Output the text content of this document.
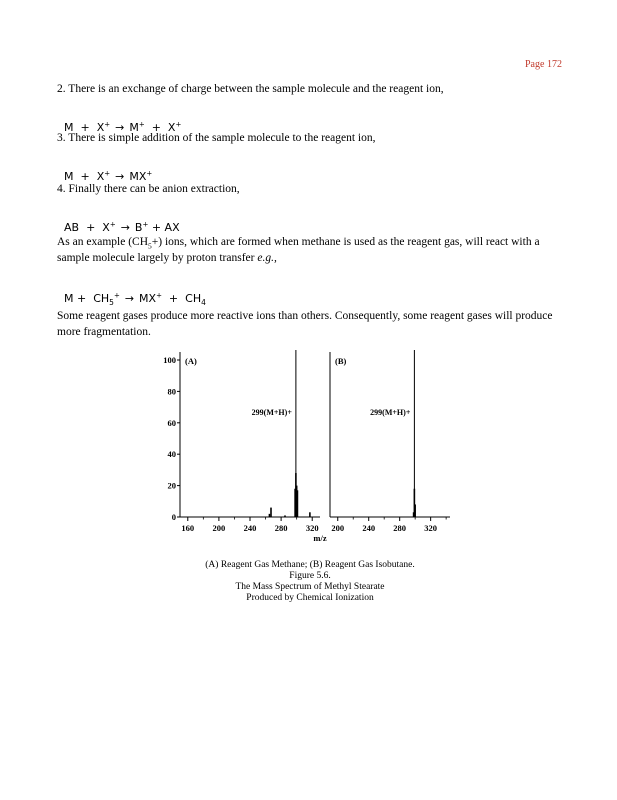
Page 172

2. There is an exchange of charge between the sample molecule and the reagent ion,

M  +  X+ → M+  +  X+

3. There is simple addition of the sample molecule to the reagent ion,

M  +  X+ → MX+

4. Finally there can be anion extraction,

AB  +  X+ → B+ + AX

As an example $(CH_5+)$ ions, which are formed when methane is used as the reagent gas, will react with a sample molecule largely by proton transfer e.g.,

$M + CH_5^+ \to MX^+ + CH_4$

Some reagent gases produce more reactive ions than others. Consequently, some reagent gases will produce more fragmentation.

160 200 240 280 320
0
20
40
60
80
100 (A)
299(M+H)+
m/z
200 240 280 320
(B)
299(M+H)+
(A) Reagent Gas Methane; (B) Reagent Gas Isobutane.
Figure 5.6.
The Mass Spectrum of Methyl Stearate
Produced by Chemical Ionization
